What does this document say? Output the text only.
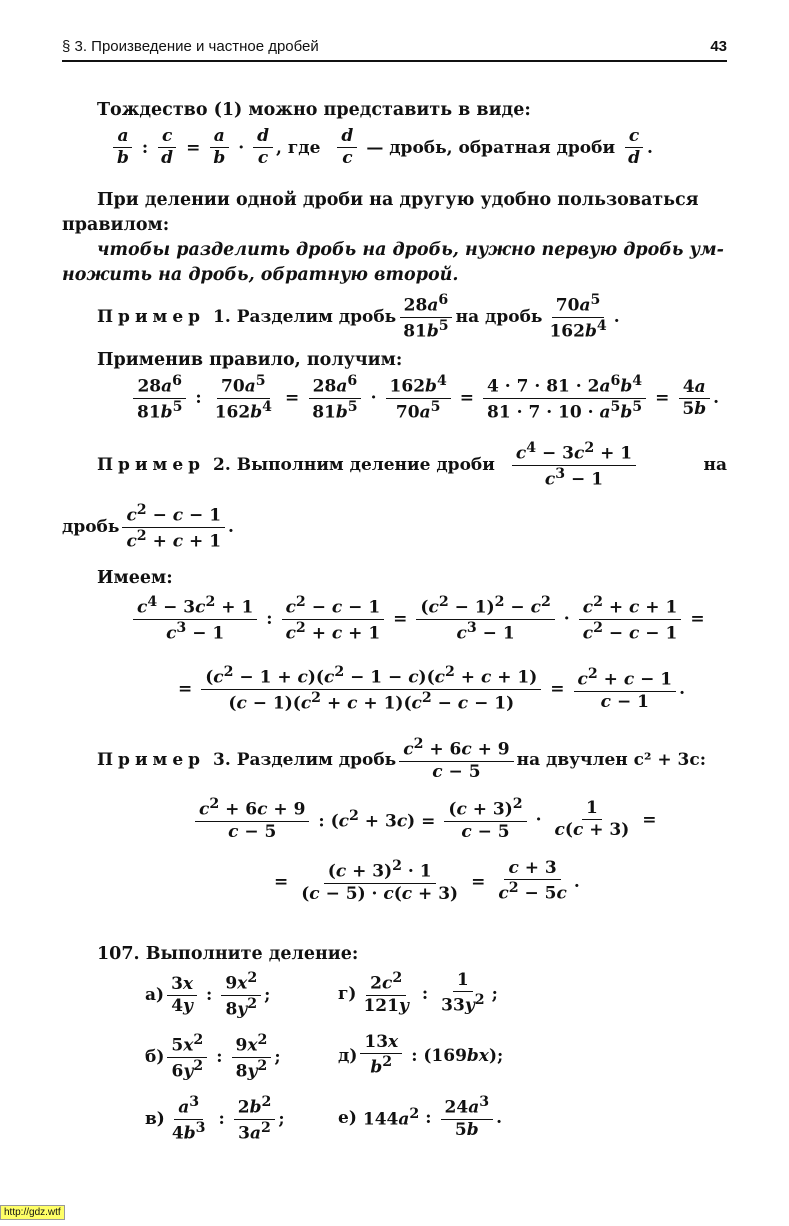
§ 3. Произведение и частное дробей	43
Тождество (1) можно представить в виде:
a
b
: $\frac{c}{d} = \frac{a}{b}$ ·
d
c
, где
d
c
— дробь, обратная дроби
c
d
.
При делении одной дроби на другую удобно пользоваться
правилом:
чтобы разделить дробь на дробь, нужно первую дробь ум-
ножить на дробь, обратную второй.
Пример 1. Разделим дробь
$28a^6$
$81b^5$ на дробь
$70a^5$
$162b^4$ .
Применив правило, получим:
$28a^6$
$81b^5$ : $\frac{70a^5}{162b^4} = \frac{28a^6}{81b^5} \cdot \frac{162b^4}{70a^5} = \frac{4 \cdot 7 \cdot 81 \cdot 2a^6b^4}{81 \cdot 7 \cdot 10 \cdot a^5b^5} = \frac{4a}{5b}$ .
Пример 2. Выполним деление дроби
$c^4 - 3c^2 + 1$
$c^3 - 1$
на
дробь
$c^2 - c - 1$
$c^2 + c + 1$
.
Имеем:
$c^4 - 3c^2 + 1$
$c^3 - 1$
: $\frac{c^2 - c - 1}{c^2 + c + 1} = \frac{(c^2 - 1)^2 - c^2}{c^3 - 1} \cdot \frac{c^2 + c + 1}{c^2 - c - 1}$ =
= $\frac{(c^2 - 1 + c)(c^2 - 1 - c)(c^2 + c + 1)}{(c - 1)(c^2 + c + 1)(c^2 - c - 1)} = \frac{c^2 + c - 1}{c - 1}$ .
Пример 3. Разделим дробь $c^2 + 6c + 9$
c − 5
на двучлен c² + 3c:
$c^2 + 6c + 9$
c − 5
: $(c^2 + 3c) = \frac{(c + 3)^2}{c - 5} \cdot \frac{1}{c(c + 3)}$ =
= $\frac{(c + 3)^2 \cdot 1}{(c - 5) \cdot c(c + 3)} = \frac{c + 3}{c^2 - 5c}$ .
107. Выполните деление:
а)
3x
4y
:
$9x^2$
$8y^2$ ;
б)
$5x^2$
$6y^2$ :
$9x^2$
$8y^2$ ;
в)
$a^3$
$4b^3$ :
$2b^2$
$3a^2$ ;
г) $2c^2$
121y
:
1
$33y^2$ ;
д)
13x
$b^2$ : (169bx);
е) $144a^2$ : $24a^3$
5b
.
http://gdz.wtf
